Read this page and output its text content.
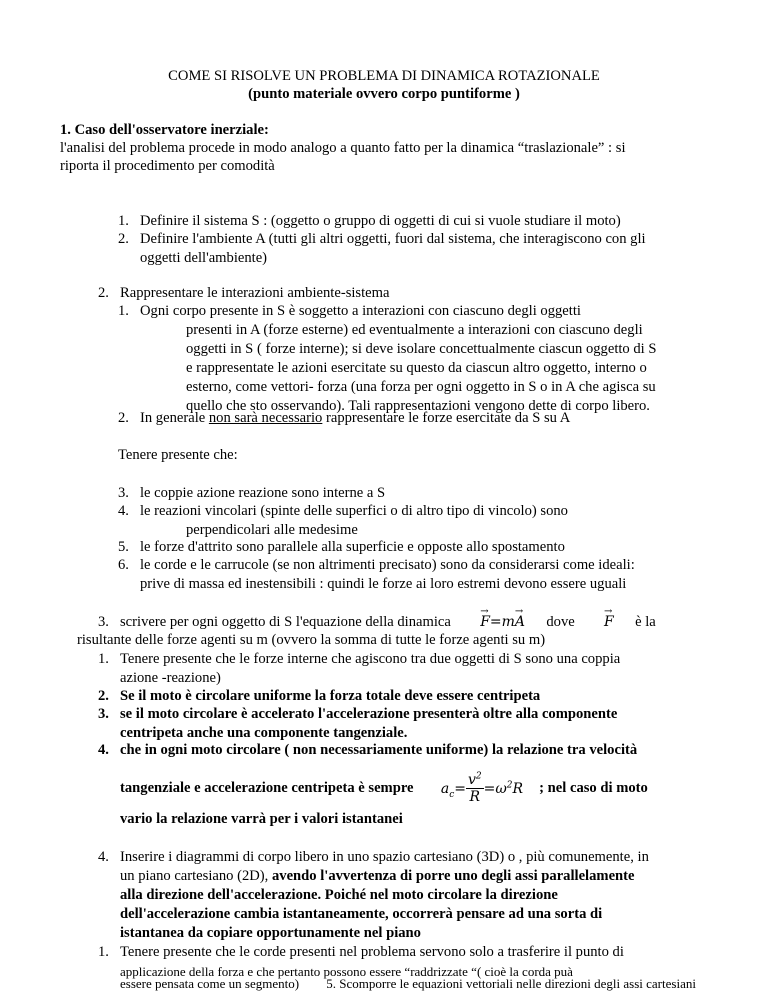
COME SI RISOLVE UN PROBLEMA DI DINAMICA ROTAZIONALE
(punto materiale ovvero corpo puntiforme )
1. Caso dell'osservatore inerziale:
l'analisi del problema procede in modo analogo a quanto fatto per la dinamica “traslazionale” : si
riporta il procedimento per comodità
1. Definire il sistema S : (oggetto o gruppo di oggetti di cui si vuole studiare il moto)
2. Definire l'ambiente A (tutti gli altri oggetti, fuori dal sistema, che interagiscono con gli
oggetti dell'ambiente)
2. Rappresentare le interazioni ambiente-sistema
1. Ogni corpo presente in S è soggetto a interazioni con ciascuno degli oggetti
presenti in A (forze esterne) ed eventualmente a interazioni con ciascuno degli
oggetti in S ( forze interne); si deve isolare concettualmente ciascun oggetto di S
e rappresentate le azioni esercitate su questo da ciascun altro oggetto, interno o
esterno, come vettori- forza (una forza per ogni oggetto in S o in A che agisca su
quello che sto osservando). Tali rappresentazioni vengono dette di corpo libero.
2. In generale non sarà necessario rappresentare le forze esercitate da S su A
Tenere presente che:
3. le coppie azione reazione sono interne a S
4. le reazioni vincolari (spinte delle superfici o di altro tipo di vincolo) sono
perpendicolari alle medesime
5. le forze d'attrito sono parallele alla superficie e opposte allo spostamento
6. le corde e le carrucole (se non altrimenti precisato) sono da considerarsi come ideali:
prive di massa ed inestensibili : quindi le forze ai loro estremi devono essere uguali
3. scrivere per ogni oggetto di S l'equazione della dinamica → F=m→ A dove → F è la
risultante delle forze agenti su m (ovvero la somma di tutte le forze agenti su m)
1. Tenere presente che le forze interne che agiscono tra due oggetti di S sono una coppia
azione -reazione)
2. Se il moto è circolare uniforme la forza totale deve essere centripeta
3. se il moto circolare è accelerato l'accelerazione presenterà oltre alla componente
centripeta anche una componente tangenziale.
4. che in ogni moto circolare ( non necessariamente uniforme) la relazione tra velocità
tangenziale e accelerazione centripeta è sempre $a_c= \frac{v^2}{R} =\omega^2R$ ; nel caso di moto
vario la relazione varrà per i valori istantanei
4. Inserire i diagrammi di corpo libero in uno spazio cartesiano (3D) o , più comunemente, in
un piano cartesiano (2D), avendo l'avvertenza di porre uno degli assi parallelamente
alla direzione dell'accelerazione. Poiché nel moto circolare la direzione
dell'accelerazione cambia istantaneamente, occorrerà pensare ad una sorta di
istantanea da copiare opportunamente nel piano
1. Tenere presente che le corde presenti nel problema servono solo a trasferire il punto di
applicazione della forza e che pertanto possono essere “raddrizzate “( cioè la corda puà
essere pensata come un segmento) 5. Scomporre le equazioni vettoriali nelle direzioni degli assi cartesiani
